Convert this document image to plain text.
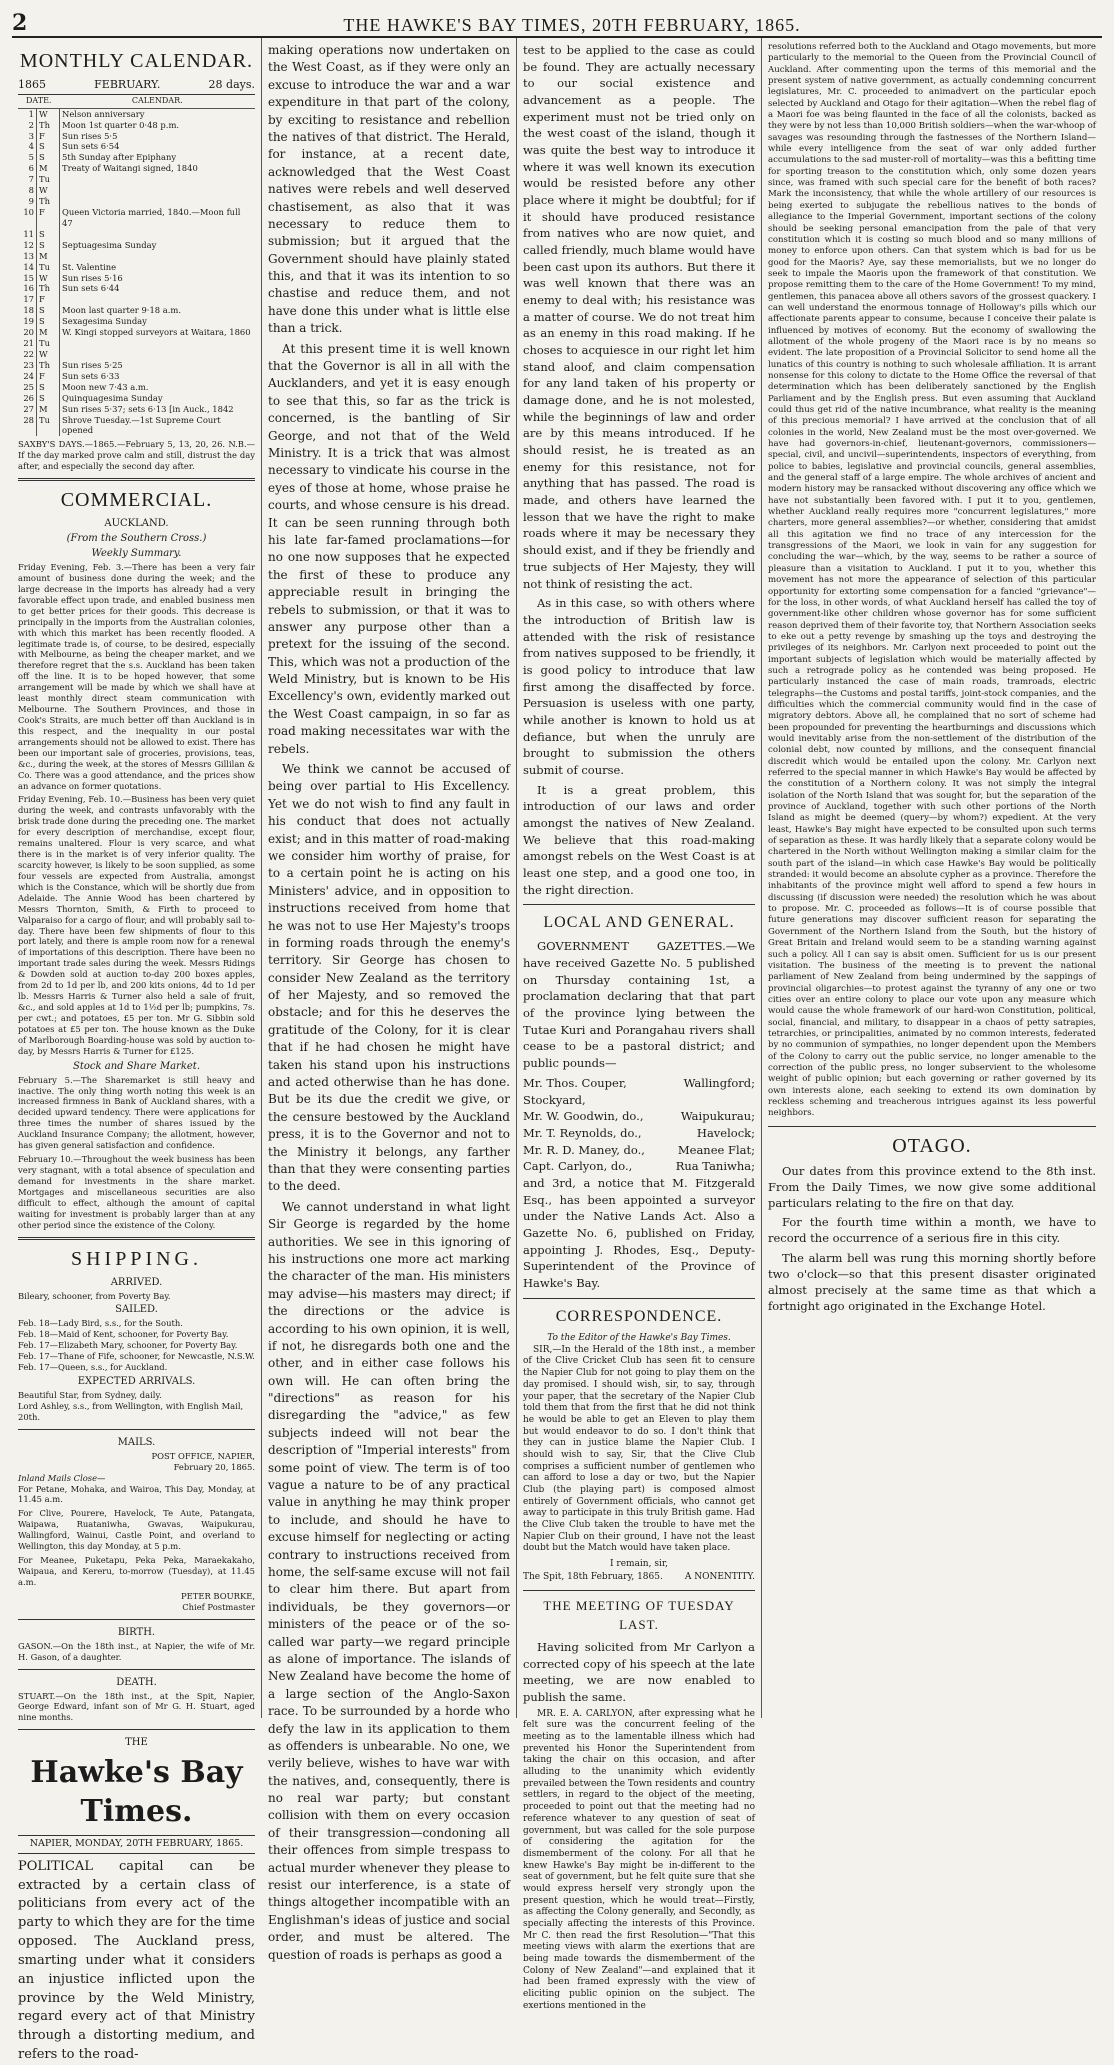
2	THE HAWKE'S BAY TIMES, 20TH FEBRUARY, 1865.
MONTHLY CALENDAR.
1865	FEBRUARY.	28 days.
DATE.		CALENDAR.
1	W	Nelson anniversary
2	Th	Moon 1st quarter 0·48 p.m.
3	F	Sun rises 5·5
4	S	Sun sets 6·54
5	S	5th Sunday after Epiphany
6	M	Treaty of Waitangi signed, 1840
7	Tu	
8	W	
9	Th	
10	F	Queen Victoria married, 1840.—Moon full 47
11	S	
12	S	Septuagesima Sunday
13	M	
14	Tu	St. Valentine
15	W	Sun rises 5·16
16	Th	Sun sets 6·44
17	F	
18	S	Moon last quarter 9·18 a.m.
19	S	Sexagesima Sunday
20	M	W. Kingi stopped surveyors at Waitara, 1860
21	Tu	
22	W	
23	Th	Sun rises 5·25
24	F	Sun sets 6·33
25	S	Moon new 7·43 a.m.
26	S	Quinquagesima Sunday
27	M	Sun rises 5·37; sets 6·13 [in Auck., 1842
28	Tu	Shrove Tuesday.—1st Supreme Court opened

SAXBY'S DAYS.—1865.—February 5, 13, 20, 26. N.B.—If the day marked prove calm and still, distrust the day after, and especially the second day after.

COMMERCIAL.
AUCKLAND.
(From the Southern Cross.)
Weekly Summary.

Friday Evening, Feb. 3.—There has been a very fair amount of business done during the week; and the large decrease in the imports has already had a very favorable effect upon trade, and enabled business men to get better prices for their goods. This decrease is principally in the imports from the Australian colonies, with which this market has been recently flooded. A legitimate trade is, of course, to be desired, especially with Melbourne, as being the cheaper market, and we therefore regret that the s.s. Auckland has been taken off the line. It is to be hoped however, that some arrangement will be made by which we shall have at least monthly direct steam communication with Melbourne. The Southern Provinces, and those in Cook's Straits, are much better off than Auckland is in this respect, and the inequality in our postal arrangements should not be allowed to exist. There has been our important sale of groceries, provisions, teas, &c., during the week, at the stores of Messrs Gillilan & Co. There was a good attendance, and the prices show an advance on former quotations.

Friday Evening, Feb. 10.—Business has been very quiet during the week, and contrasts unfavorably with the brisk trade done during the preceding one. The market for every description of merchandise, except flour, remains unaltered. Flour is very scarce, and what there is in the market is of very inferior quality. The scarcity however, is likely to be soon supplied, as some four vessels are expected from Australia, amongst which is the Constance, which will be shortly due from Adelaide. The Annie Wood has been chartered by Messrs Thornton, Smith, & Firth to proceed to Valparaiso for a cargo of flour, and will probably sail to-day. There have been few shipments of flour to this port lately, and there is ample room now for a renewal of importations of this description. There have been no important trade sales during the week. Messrs Ridings & Dowden sold at auction to-day 200 boxes apples, from 2d to 1d per lb, and 200 kits onions, 4d to 1d per lb. Messrs Harris & Turner also held a sale of fruit, &c., and sold apples at 1d to 1½d per lb; pumpkins, 7s. per cwt.; and potatoes, £5 per ton. Mr G. Sibbin sold potatoes at £5 per ton. The house known as the Duke of Marlborough Boarding-house was sold by auction to-day, by Messrs Harris & Turner for £125.

Stock and Share Market.

February 5.—The Sharemarket is still heavy and inactive. The only thing worth noting this week is an increased firmness in Bank of Auckland shares, with a decided upward tendency. There were applications for three times the number of shares issued by the Auckland Insurance Company; the allotment, however, has given general satisfaction and confidence.

February 10.—Throughout the week business has been very stagnant, with a total absence of speculation and demand for investments in the share market. Mortgages and miscellaneous securities are also difficult to effect, although the amount of capital waiting for investment is probably larger than at any other period since the existence of the Colony.

SHIPPING.
ARRIVED.
Bileary, schooner, from Poverty Bay.
SAILED.
Feb. 18—Lady Bird, s.s., for the South.
Feb. 18—Maid of Kent, schooner, for Poverty Bay.
Feb. 17—Elizabeth Mary, schooner, for Poverty Bay.
Feb. 17—Thane of Fife, schooner, for Newcastle, N.S.W.
Feb. 17—Queen, s.s., for Auckland.
EXPECTED ARRIVALS.
Beautiful Star, from Sydney, daily.
Lord Ashley, s.s., from Wellington, with English Mail, 20th.
MAILS.
POST OFFICE, NAPIER,
February 20, 1865.
Inland Mails Close—

For Petane, Mohaka, and Wairoa, This Day, Monday, at 11.45 a.m.

For Clive, Pourere, Havelock, Te Aute, Patangata, Waipawa, Ruataniwha, Gwavas, Waipukurau, Wallingford, Wainui, Castle Point, and overland to Wellington, this day Monday, at 5 p.m.

For Meanee, Puketapu, Peka Peka, Maraekakaho, Waipaua, and Kereru, to-morrow (Tuesday), at 11.45 a.m.

PETER BOURKE,
Chief Postmaster
BIRTH.

GASON.—On the 18th inst., at Napier, the wife of Mr. H. Gason, of a daughter.

DEATH.

STUART.—On the 18th inst., at the Spit, Napier, George Edward, infant son of Mr G. H. Stuart, aged nine months.

THE
Hawke's Bay Times.
NAPIER, MONDAY, 20TH FEBRUARY, 1865.

POLITICAL capital can be extracted by a certain class of politicians from every act of the party to which they are for the time opposed. The Auckland press, smarting under what it considers an injustice inflicted upon the province by the Weld Ministry, regard every act of that Ministry through a distorting medium, and refers to the road-

making operations now undertaken on the West Coast, as if they were only an excuse to introduce the war and a war expenditure in that part of the colony, by exciting to resistance and rebellion the natives of that district. The Herald, for instance, at a recent date, acknowledged that the West Coast natives were rebels and well deserved chastisement, as also that it was necessary to reduce them to submission; but it argued that the Government should have plainly stated this, and that it was its intention to so chastise and reduce them, and not have done this under what is little else than a trick.

At this present time it is well known that the Governor is all in all with the Aucklanders, and yet it is easy enough to see that this, so far as the trick is concerned, is the bantling of Sir George, and not that of the Weld Ministry. It is a trick that was almost necessary to vindicate his course in the eyes of those at home, whose praise he courts, and whose censure is his dread. It can be seen running through both his late far-famed proclamations—for no one now supposes that he expected the first of these to produce any appreciable result in bringing the rebels to submission, or that it was to answer any purpose other than a pretext for the issuing of the second. This, which was not a production of the Weld Ministry, but is known to be His Excellency's own, evidently marked out the West Coast campaign, in so far as road making necessitates war with the rebels.

We think we cannot be accused of being over partial to His Excellency. Yet we do not wish to find any fault in his conduct that does not actually exist; and in this matter of road-making we consider him worthy of praise, for to a certain point he is acting on his Ministers' advice, and in opposition to instructions received from home that he was not to use Her Majesty's troops in forming roads through the enemy's territory. Sir George has chosen to consider New Zealand as the territory of her Majesty, and so removed the obstacle; and for this he deserves the gratitude of the Colony, for it is clear that if he had chosen he might have taken his stand upon his instructions and acted otherwise than he has done. But be its due the credit we give, or the censure bestowed by the Auckland press, it is to the Governor and not to the Ministry it belongs, any farther than that they were consenting parties to the deed.

We cannot understand in what light Sir George is regarded by the home authorities. We see in this ignoring of his instructions one more act marking the character of the man. His ministers may advise—his masters may direct; if the directions or the advice is according to his own opinion, it is well, if not, he disregards both one and the other, and in either case follows his own will. He can often bring the "directions" as reason for his disregarding the "advice," as few subjects indeed will not bear the description of "Imperial interests" from some point of view. The term is of too vague a nature to be of any practical value in anything he may think proper to include, and should he have to excuse himself for neglecting or acting contrary to instructions received from home, the self-same excuse will not fail to clear him there. But apart from individuals, be they governors—or ministers of the peace or of the so-called war party—we regard principle as alone of importance. The islands of New Zealand have become the home of a large section of the Anglo-Saxon race. To be surrounded by a horde who defy the law in its application to them as offenders is unbearable. No one, we verily believe, wishes to have war with the natives, and, consequently, there is no real war party; but constant collision with them on every occasion of their transgression—condoning all their offences from simple trespass to actual murder whenever they please to resist our interference, is a state of things altogether incompatible with an Englishman's ideas of justice and social order, and must be altered. The question of roads is perhaps as good a

test to be applied to the case as could be found. They are actually necessary to our social existence and advancement as a people. The experiment must not be tried only on the west coast of the island, though it was quite the best way to introduce it where it was well known its execution would be resisted before any other place where it might be doubtful; for if it should have produced resistance from natives who are now quiet, and called friendly, much blame would have been cast upon its authors. But there it was well known that there was an enemy to deal with; his resistance was a matter of course. We do not treat him as an enemy in this road making. If he choses to acquiesce in our right let him stand aloof, and claim compensation for any land taken of his property or damage done, and he is not molested, while the beginnings of law and order are by this means introduced. If he should resist, he is treated as an enemy for this resistance, not for anything that has passed. The road is made, and others have learned the lesson that we have the right to make roads where it may be necessary they should exist, and if they be friendly and true subjects of Her Majesty, they will not think of resisting the act.

As in this case, so with others where the introduction of British law is attended with the risk of resistance from natives supposed to be friendly, it is good policy to introduce that law first among the disaffected by force. Persuasion is useless with one party, while another is known to hold us at defiance, but when the unruly are brought to submission the others submit of course.

It is a great problem, this introduction of our laws and order amongst the natives of New Zealand. We believe that this road-making amongst rebels on the West Coast is at least one step, and a good one too, in the right direction.

LOCAL AND GENERAL.

GOVERNMENT GAZETTES.—We have received Gazette No. 5 published on Thursday containing 1st, a proclamation declaring that that part of the province lying between the Tutae Kuri and Porangahau rivers shall cease to be a pastoral district; and public pounds—

Mr. Thos. Couper, Stockyard,
Wallingford;
Mr. W. Goodwin, do.,	Waipukurau;
Mr. T. Reynolds, do.,	Havelock;
Mr. R. D. Maney, do.,	Meanee Flat;
Capt. Carlyon, do.,	Rua Taniwha;

and 3rd, a notice that M. Fitzgerald Esq., has been appointed a surveyor under the Native Lands Act. Also a Gazette No. 6, published on Friday, appointing J. Rhodes, Esq., Deputy-Superintendent of the Province of Hawke's Bay.

CORRESPONDENCE.
To the Editor of the Hawke's Bay Times.

SIR,—In the Herald of the 18th inst., a member of the Clive Cricket Club has seen fit to censure the Napier Club for not going to play them on the day promised. I should wish, sir, to say, through your paper, that the secretary of the Napier Club told them that from the first that he did not think he would be able to get an Eleven to play them but would endeavor to do so. I don't think that they can in justice blame the Napier Club. I should wish to say, Sir, that the Clive Club comprises a sufficient number of gentlemen who can afford to lose a day or two, but the Napier Club (the playing part) is composed almost entirely of Government officials, who cannot get away to participate in this truly British game. Had the Clive Club taken the trouble to have met the Napier Club on their ground, I have not the least doubt but the Match would have taken place.

I remain, sir,
The Spit, 18th February, 1865. A NONENTITY.
THE MEETING OF TUESDAY LAST.

Having solicited from Mr Carlyon a corrected copy of his speech at the late meeting, we are now enabled to publish the same.

MR. E. A. CARLYON, after expressing what he felt sure was the concurrent feeling of the meeting as to the lamentable illness which had prevented his Honor the Superintendent from taking the chair on this occasion, and after alluding to the unanimity which evidently prevailed between the Town residents and country settlers, in regard to the object of the meeting, proceeded to point out that the meeting had no reference whatever to any question of seat of government, but was called for the sole purpose of considering the agitation for the dismemberment of the colony. For all that he knew Hawke's Bay might be in-different to the seat of government, but he felt quite sure that she would express herself very strongly upon the present question, which he would treat—Firstly, as affecting the Colony generally, and Secondly, as specially affecting the interests of this Province. Mr C. then read the first Resolution—"That this meeting views with alarm the exertions that are being made towards the dismemberment of the Colony of New Zealand"—and explained that it had been framed expressly with the view of eliciting public opinion on the subject. The exertions mentioned in the

resolutions referred both to the Auckland and Otago movements, but more particularly to the memorial to the Queen from the Provincial Council of Auckland. After commenting upon the terms of this memorial and the present system of native government, as actually condemning concurrent legislatures, Mr. C. proceeded to animadvert on the particular epoch selected by Auckland and Otago for their agitation—When the rebel flag of a Maori foe was being flaunted in the face of all the colonists, backed as they were by not less than 10,000 British soldiers—when the war-whoop of savages was resounding through the fastnesses of the Northern Island—while every intelligence from the seat of war only added further accumulations to the sad muster-roll of mortality—was this a befitting time for sporting treason to the constitution which, only some dozen years since, was framed with such special care for the benefit of both races? Mark the inconsistency, that while the whole artillery of our resources is being exerted to subjugate the rebellious natives to the bonds of allegiance to the Imperial Government, important sections of the colony should be seeking personal emancipation from the pale of that very constitution which it is costing so much blood and so many millions of money to enforce upon others. Can that system which is bad for us be good for the Maoris? Aye, say these memorialists, but we no longer do seek to impale the Maoris upon the framework of that constitution. We propose remitting them to the care of the Home Government! To my mind, gentlemen, this panacea above all others savors of the grossest quackery. I can well understand the enormous tonnage of Holloway's pills which our affectionate parents appear to consume, because I conceive their palate is influenced by motives of economy. But the economy of swallowing the allotment of the whole progeny of the Maori race is by no means so evident. The late proposition of a Provincial Solicitor to send home all the lunatics of this country is nothing to such wholesale affiliation. It is arrant nonsense for this colony to dictate to the Home Office the reversal of that determination which has been deliberately sanctioned by the English Parliament and by the English press. But even assuming that Auckland could thus get rid of the native incumbrance, what reality is the meaning of this precious memorial? I have arrived at the conclusion that of all colonies in the world, New Zealand must be the most over-governed. We have had governors-in-chief, lieutenant-governors, commissioners—special, civil, and uncivil—superintendents, inspectors of everything, from police to babies, legislative and provincial councils, general assemblies, and the general staff of a large empire. The whole archives of ancient and modern history may be ransacked without discovering any office which we have not substantially been favored with. I put it to you, gentlemen, whether Auckland really requires more "concurrent legislatures," more charters, more general assemblies?—or whether, considering that amidst all this agitation we find no trace of any intercession for the transgressions of the Maori, we look in vain for any suggestion for concluding the war—which, by the way, seems to be rather a source of pleasure than a visitation to Auckland. I put it to you, whether this movement has not more the appearance of selection of this particular opportunity for extorting some compensation for a fancied "grievance"—for the loss, in other words, of what Auckland herself has called the toy of government-like other children whose governor has for some sufficient reason deprived them of their favorite toy, that Northern Association seeks to eke out a petty revenge by smashing up the toys and destroying the privileges of its neighbors. Mr. Carlyon next proceeded to point out the important subjects of legislation which would be materially affected by such a retrograde policy as he contended was being proposed. He particularly instanced the case of main roads, tramroads, electric telegraphs—the Customs and postal tariffs, joint-stock companies, and the difficulties which the commercial community would find in the case of migratory debtors. Above all, he complained that no sort of scheme had been propounded for preventing the heartburnings and discussions which would inevitably arise from the non-settlement of the distribution of the colonial debt, now counted by millions, and the consequent financial discredit which would be entailed upon the colony. Mr. Carlyon next referred to the special manner in which Hawke's Bay would be affected by the constitution of a Northern colony. It was not simply the integral isolation of the North Island that was sought for, but the separation of the province of Auckland, together with such other portions of the North Island as might be deemed (query—by whom?) expedient. At the very least, Hawke's Bay might have expected to be consulted upon such terms of separation as these. It was hardly likely that a separate colony would be chartered in the North without Wellington making a similar claim for the south part of the island—in which case Hawke's Bay would be politically stranded: it would become an absolute cypher as a province. Therefore the inhabitants of the province might well afford to spend a few hours in discussing (if discussion were needed) the resolution which he was about to propose. Mr. C. proceeded as follows—It is of course possible that future generations may discover sufficient reason for separating the Government of the Northern Island from the South, but the history of Great Britain and Ireland would seem to be a standing warning against such a policy. All I can say is absit omen. Sufficient for us is our present visitation. The business of the meeting is to prevent the national parliament of New Zealand from being undermined by the sappings of provincial oligarchies—to protest against the tyranny of any one or two cities over an entire colony to place our vote upon any measure which would cause the whole framework of our hard-won Constitution, political, social, financial, and military, to disappear in a chaos of petty satrapies, tetrarchies, or principalities, animated by no common interests, federated by no communion of sympathies, no longer dependent upon the Members of the Colony to carry out the public service, no longer amenable to the correction of the public press, no longer subservient to the wholesome weight of public opinion; but each governing or rather governed by its own interests alone, each seeking to extend its own domination by reckless scheming and treacherous intrigues against its less powerful neighbors.

OTAGO.

Our dates from this province extend to the 8th inst. From the Daily Times, we now give some additional particulars relating to the fire on that day.

For the fourth time within a month, we have to record the occurrence of a serious fire in this city.

The alarm bell was rung this morning shortly before two o'clock—so that this present disaster originated almost precisely at the same time as that which a fortnight ago originated in the Exchange Hotel.
